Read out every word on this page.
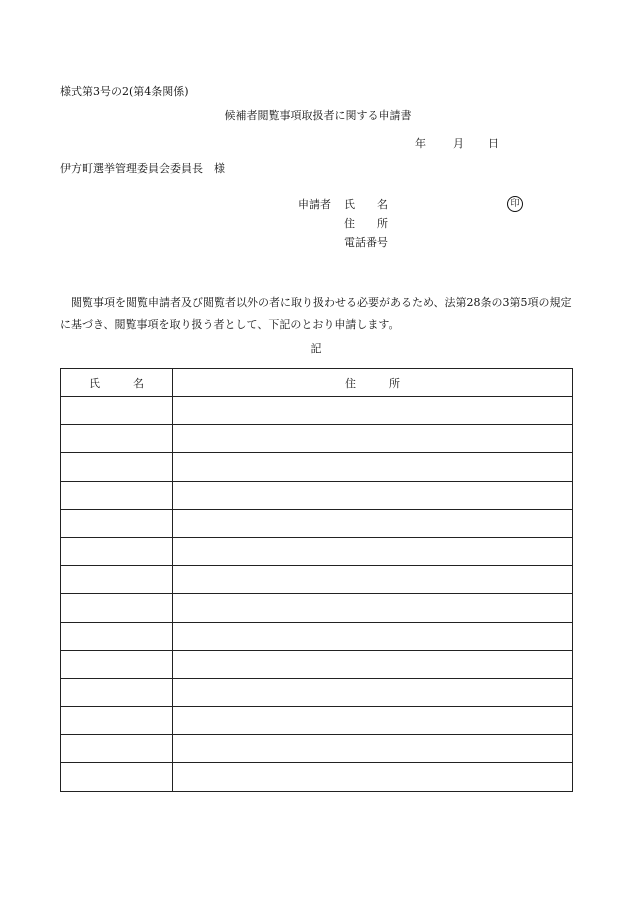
様式第3号の2(第4条関係)
候補者閲覧事項取扱者に関する申請書
年 月 日
伊方町選挙管理委員会委員長　様
申請者 氏　　名
住　　所
電話番号
印
閲覧事項を閲覧申請者及び閲覧者以外の者に取り扱わせる必要があるため、法第28条の3第5項の規定に基づき、閲覧事項を取り扱う者として、下記のとおり申請します。
記
氏　　　名	住　　　所
